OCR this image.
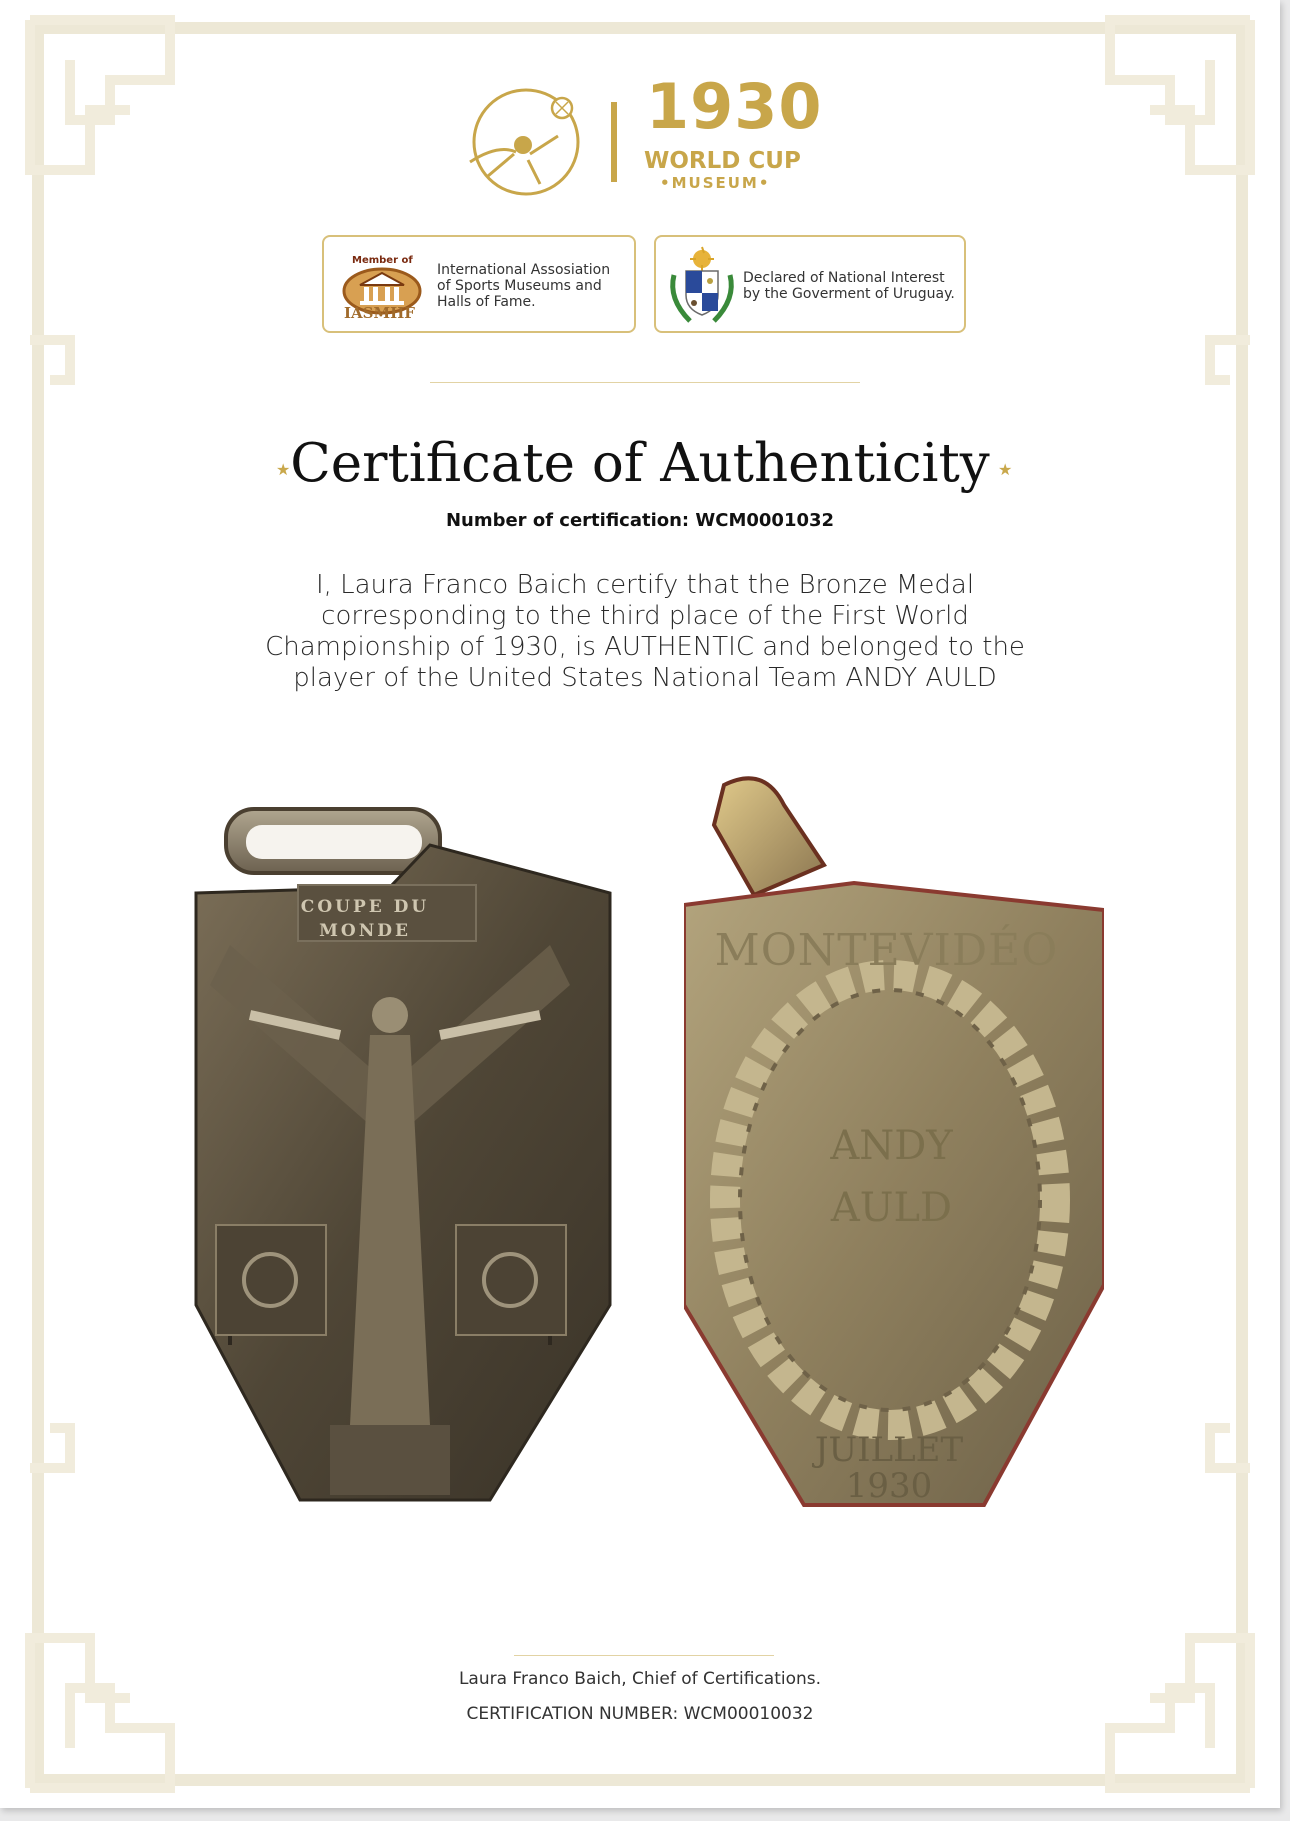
1930
WORLD CUP
•MUSEUM•
Member of
IASMHF
International Assosiation of Sports Museums and Halls of Fame.
Declared of National Interest by the Goverment of Uruguay.
★ Certificate of Authenticity ★
Number of certification: WCM0001032
I, Laura Franco Baich certify that the Bronze Medal corresponding to the third place of the First World Championship of 1930, is AUTHENTIC and belonged to the player of the United States National Team ANDY AULD
COUPE DU MONDE	MONTEVIDÉO
ANDY AULD
JUILLET 1930
Laura Franco Baich, Chief of Certifications.
CERTIFICATION NUMBER: WCM00010032
